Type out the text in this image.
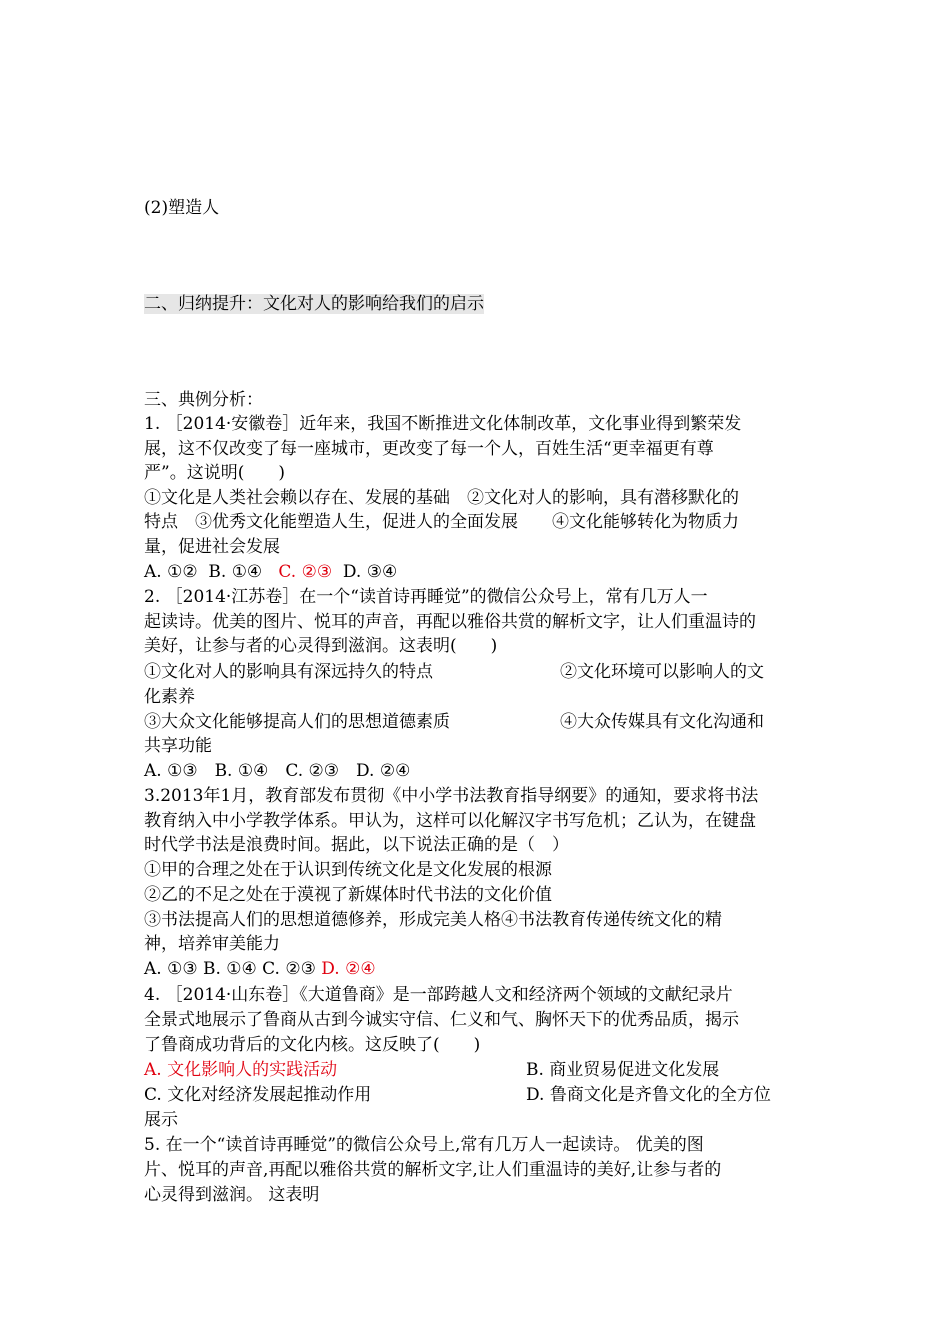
(2)塑造人
二、归纳提升：文化对人的影响给我们的启示
三、典例分析：
1. ［2014·安徽卷］近年来，我国不断推进文化体制改革，文化事业得到繁荣发
展，这不仅改变了每一座城市，更改变了每一个人，百姓生活“更幸福更有尊
严”。这说明(　　)
①文化是人类社会赖以存在、发展的基础　②文化对人的影响，具有潜移默化的
特点　③优秀文化能塑造人生，促进人的全面发展　　④文化能够转化为物质力
量，促进社会发展
A. ①② B. ①④ C. ②③ D. ③④
2. ［2014·江苏卷］在一个“读首诗再睡觉”的微信公众号上，常有几万人一
起读诗。优美的图片、悦耳的声音，再配以雅俗共赏的解析文字，让人们重温诗的
美好，让参与者的心灵得到滋润。这表明(　　)
①文化对人的影响具有深远持久的特点	②文化环境可以影响人的文
化素养
③大众文化能够提高人们的思想道德素质	④大众传媒具有文化沟通和
共享功能
A. ①③　B. ①④　C. ②③　D. ②④
3.2013年1月，教育部发布贯彻《中小学书法教育指导纲要》的通知，要求将书法
教育纳入中小学教学体系。甲认为，这样可以化解汉字书写危机；乙认为，在键盘
时代学书法是浪费时间。据此，以下说法正确的是（　）
①甲的合理之处在于认识到传统文化是文化发展的根源
②乙的不足之处在于漠视了新媒体时代书法的文化价值
③书法提高人们的思想道德修养，形成完美人格④书法教育传递传统文化的精
神，培养审美能力
A. ①③ B. ①④ C. ②③ D. ②④
4. ［2014·山东卷］《大道鲁商》是一部跨越人文和经济两个领域的文献纪录片
全景式地展示了鲁商从古到今诚实守信、仁义和气、胸怀天下的优秀品质，揭示
了鲁商成功背后的文化内核。这反映了(　　)
A. 文化影响人的实践活动	B. 商业贸易促进文化发展
C. 文化对经济发展起推动作用	D. 鲁商文化是齐鲁文化的全方位
展示
5. 在一个“读首诗再睡觉”的微信公众号上,常有几万人一起读诗。 优美的图
片、悦耳的声音,再配以雅俗共赏的解析文字,让人们重温诗的美好,让参与者的
心灵得到滋润。 这表明
